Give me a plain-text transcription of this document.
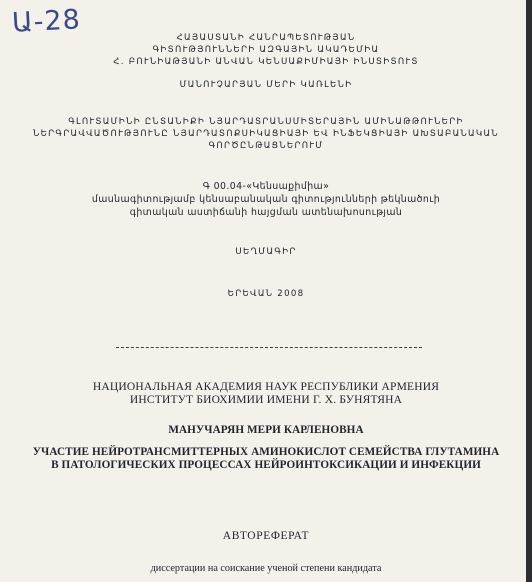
Ա-28	ՀԱՅԱՍՏԱՆԻ ՀԱՆՐԱՊԵՏՈՒԹՅԱՆ
ԳԻՏՈՒԹՅՈՒՆՆԵՐԻ ԱԶԳԱՅԻՆ ԱԿԱԴԵՄԻԱ
Հ. ԲՈՒՆԻԱԹՅԱՆԻ ԱՆՎԱՆ ԿԵՆՍԱՔԻՄԻԱՅԻ ԻՆՍՏԻՏՈՒՏ
ՄԱՆՈՒՉԱՐՅԱՆ ՄԵՐԻ ԿԱՌԼԵՆԻ
ԳԼՈՒՏԱՄԻՆԻ ԸՆՏԱՆԻՔԻ ՆՅԱՐԴԱՏՐԱՆՍՄԻՏԵՐԱՅԻՆ ԱՄԻՆԱԹԹՈՒՆԵՐԻ
ՆԵՐԳՐԱՎՎԱԾՈՒԹՅՈՒՆԸ ՆՅԱՐԴԱՏՈՔՍԻԿԱՑԻԱՅԻ ԵՎ ԻՆՖԵԿՑԻԱՅԻ ԱԽՏԱԲԱՆԱԿԱՆ
ԳՈՐԾԸՆԹԱՑՆԵՐՈՒՄ
Գ 00.04-«Կենսաքիմիա»
մասնագիտությամբ կենսաբանական գիտությունների թեկնածուի
գիտական աստիճանի հայցման ատենախոսության
ՍԵՂՄԱԳԻՐ
ԵՐԵՎԱՆ 2008
НАЦИОНАЛЬНАЯ АКАДЕМИЯ НАУК РЕСПУБЛИКИ АРМЕНИЯ
ИНСТИТУТ БИОХИМИИ ИМЕНИ Г. Х. БУНЯТЯНА
МАНУЧАРЯН МЕРИ КАРЛЕНОВНА
УЧАСТИЕ НЕЙРОТРАНСМИТТЕРНЫХ АМИНОКИСЛОТ СЕМЕЙСТВА ГЛУТАМИНА
В ПАТОЛОГИЧЕСКИХ ПРОЦЕССАХ НЕЙРОИНТОКСИКАЦИИ И ИНФЕКЦИИ
АВТОРЕФЕРАТ
диссертации на соискание ученой степени кандидата
